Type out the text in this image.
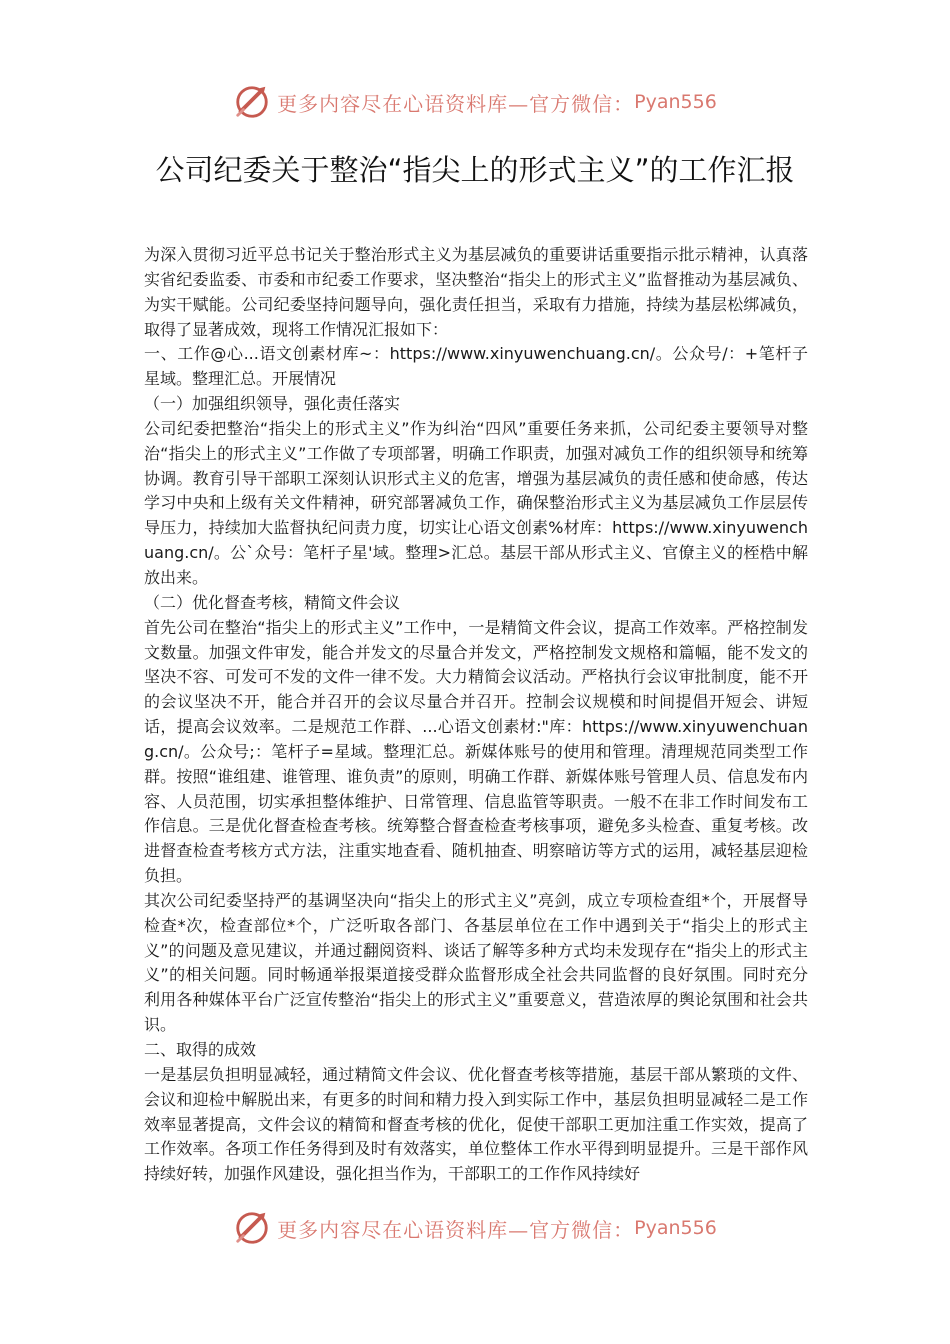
更多内容尽在心语资料库—官方微信： Pyan556
公司纪委关于整治“指尖上的形式主义”的工作汇报

为深入贯彻习近平总书记关于整治形式主义为基层减负的重要讲话重要指示批示精神，认真落实省纪委监委、市委和市纪委工作要求，坚决整治“指尖上的形式主义”监督推动为基层减负、为实干赋能。公司纪委坚持问题导向，强化责任担当，采取有力措施，持续为基层松绑减负，取得了显著成效，现将工作情况汇报如下：

一、工作@心...语文创素材库~：https://www.xinyuwenchuang.cn/。公众号/：+笔杆子星域。整理汇总。开展情况

（一）加强组织领导，强化责任落实

公司纪委把整治“指尖上的形式主义”作为纠治“四风”重要任务来抓，公司纪委主要领导对整治“指尖上的形式主义”工作做了专项部署，明确工作职责，加强对减负工作的组织领导和统筹协调。教育引导干部职工深刻认识形式主义的危害，增强为基层减负的责任感和使命感，传达学习中央和上级有关文件精神，研究部署减负工作，确保整治形式主义为基层减负工作层层传导压力，持续加大监督执纪问责力度，切实让心语文创素%材库：https://www.xinyuwenchuang.cn/。公`众号：笔杆子星'域。整理>汇总。基层干部从形式主义、官僚主义的桎梏中解放出来。

（二）优化督查考核，精简文件会议

首先公司在整治“指尖上的形式主义”工作中，一是精简文件会议，提高工作效率。严格控制发文数量。加强文件审发，能合并发文的尽量合并发文，严格控制发文规格和篇幅，能不发文的坚决不容、可发可不发的文件一律不发。大力精简会议活动。严格执行会议审批制度，能不开的会议坚决不开，能合并召开的会议尽量合并召开。控制会议规模和时间提倡开短会、讲短话，提高会议效率。二是规范工作群、...心语文创素材:"库：https://www.xinyuwenchuang.cn/。公众号;：笔杆子=星域。整理汇总。新媒体账号的使用和管理。清理规范同类型工作群。按照“谁组建、谁管理、谁负责”的原则，明确工作群、新媒体账号管理人员、信息发布内容、人员范围，切实承担整体维护、日常管理、信息监管等职责。一般不在非工作时间发布工作信息。三是优化督查检查考核。统筹整合督查检查考核事项，避免多头检查、重复考核。改进督查检查考核方式方法，注重实地查看、随机抽查、明察暗访等方式的运用，减轻基层迎检负担。

其次公司纪委坚持严的基调坚决向“指尖上的形式主义”亮剑，成立专项检查组*个，开展督导检查*次，检查部位*个，广泛听取各部门、各基层单位在工作中遇到关于“指尖上的形式主义”的问题及意见建议，并通过翻阅资料、谈话了解等多种方式均未发现存在“指尖上的形式主义”的相关问题。同时畅通举报渠道接受群众监督形成全社会共同监督的良好氛围。同时充分利用各种媒体平台广泛宣传整治“指尖上的形式主义”重要意义，营造浓厚的舆论氛围和社会共识。

二、取得的成效

一是基层负担明显减轻，通过精简文件会议、优化督查考核等措施，基层干部从繁琐的文件、会议和迎检中解脱出来，有更多的时间和精力投入到实际工作中，基层负担明显减轻二是工作效率显著提高，文件会议的精简和督查考核的优化，促使干部职工更加注重工作实效，提高了工作效率。各项工作任务得到及时有效落实，单位整体工作水平得到明显提升。三是干部作风持续好转，加强作风建设，强化担当作为，干部职工的工作作风持续好

更多内容尽在心语资料库—官方微信： Pyan556
